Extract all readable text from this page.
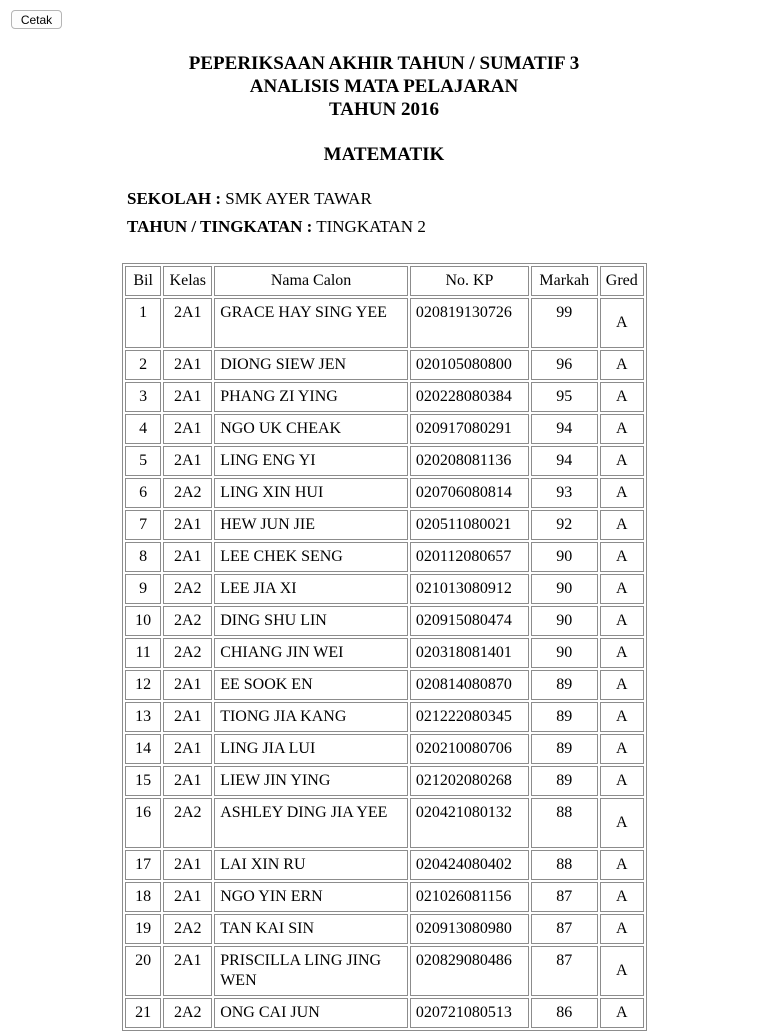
Cetak
PEPERIKSAAN AKHIR TAHUN / SUMATIF 3
ANALISIS MATA PELAJARAN
TAHUN 2016
MATEMATIK
SEKOLAH : SMK AYER TAWAR
TAHUN / TINGKATAN : TINGKATAN 2
Bil	Kelas	Nama Calon	No. KP	Markah	Gred
1	2A1	GRACE HAY SING YEE	020819130726	99	A
2	2A1	DIONG SIEW JEN	020105080800	96	A
3	2A1	PHANG ZI YING	020228080384	95	A
4	2A1	NGO UK CHEAK	020917080291	94	A
5	2A1	LING ENG YI	020208081136	94	A
6	2A2	LING XIN HUI	020706080814	93	A
7	2A1	HEW JUN JIE	020511080021	92	A
8	2A1	LEE CHEK SENG	020112080657	90	A
9	2A2	LEE JIA XI	021013080912	90	A
10	2A2	DING SHU LIN	020915080474	90	A
11	2A2	CHIANG JIN WEI	020318081401	90	A
12	2A1	EE SOOK EN	020814080870	89	A
13	2A1	TIONG JIA KANG	021222080345	89	A
14	2A1	LING JIA LUI	020210080706	89	A
15	2A1	LIEW JIN YING	021202080268	89	A
16	2A2	ASHLEY DING JIA YEE	020421080132	88	A
17	2A1	LAI XIN RU	020424080402	88	A
18	2A1	NGO YIN ERN	021026081156	87	A
19	2A2	TAN KAI SIN	020913080980	87	A
20	2A1	PRISCILLA LING JING WEN	020829080486	87	A
21	2A2	ONG CAI JUN	020721080513	86	A
